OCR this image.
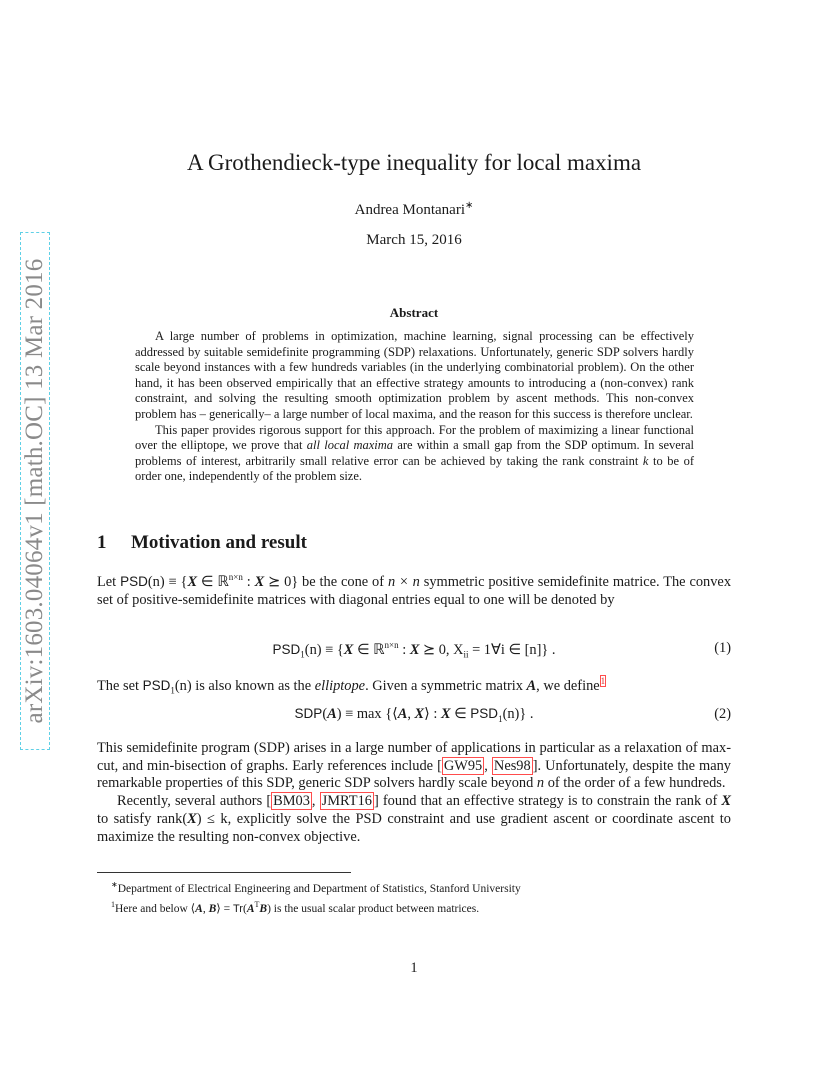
arXiv:1603.04064v1 [math.OC] 13 Mar 2016
A Grothendieck-type inequality for local maxima
Andrea Montanari∗
March 15, 2016
Abstract

A large number of problems in optimization, machine learning, signal processing can be effectively addressed by suitable semidefinite programming (SDP) relaxations. Unfortunately, generic SDP solvers hardly scale beyond instances with a few hundreds variables (in the underlying combinatorial problem). On the other hand, it has been observed empirically that an effective strategy amounts to introducing a (non-convex) rank constraint, and solving the resulting smooth optimization problem by ascent methods. This non-convex problem has – generically– a large number of local maxima, and the reason for this success is therefore unclear.

This paper provides rigorous support for this approach. For the problem of maximizing a linear functional over the elliptope, we prove that all local maxima are within a small gap from the SDP optimum. In several problems of interest, arbitrarily small relative error can be achieved by taking the rank constraint k to be of order one, independently of the problem size.

1 Motivation and result

Let PSD(n) ≡ {X ∈ ℝ$^{n\times n}$ : X ⪰ 0} be the cone of n × n symmetric positive semidefinite matrice. The convex set of positive-semidefinite matrices with diagonal entries equal to one will be denoted by

$PSD_1(n) \equiv \{X$ ∈ ℝ$^{n\times n}$ : X ⪰ 0, $X_{ii}$ = 1∀i ∈ [n]} .	(1)

The set $PSD_1(n)$ is also known as the elliptope. Given a symmetric matrix A, we define$^1$

SDP(A) ≡ max {⟨A, X⟩ : X ∈ $PSD_1(n)$} .	(2)

This semidefinite program (SDP) arises in a large number of applications in particular as a relaxation of max-cut, and min-bisection of graphs. Early references include [ GW95 , Nes98 ]. Unfortunately, despite the many remarkable properties of this SDP, generic SDP solvers hardly scale beyond n of the order of a few hundreds.

Recently, several authors [ BM03 , JMRT16 ] found that an effective strategy is to constrain the rank of X to satisfy rank(X) ≤ k, explicitly solve the PSD constraint and use gradient ascent or coordinate ascent to maximize the resulting non-convex objective.

∗Department of Electrical Engineering and Department of Statistics, Stanford University
$^1$Here and below ⟨A, B⟩ = $Tr(A^TB)$ is the usual scalar product between matrices.
1
